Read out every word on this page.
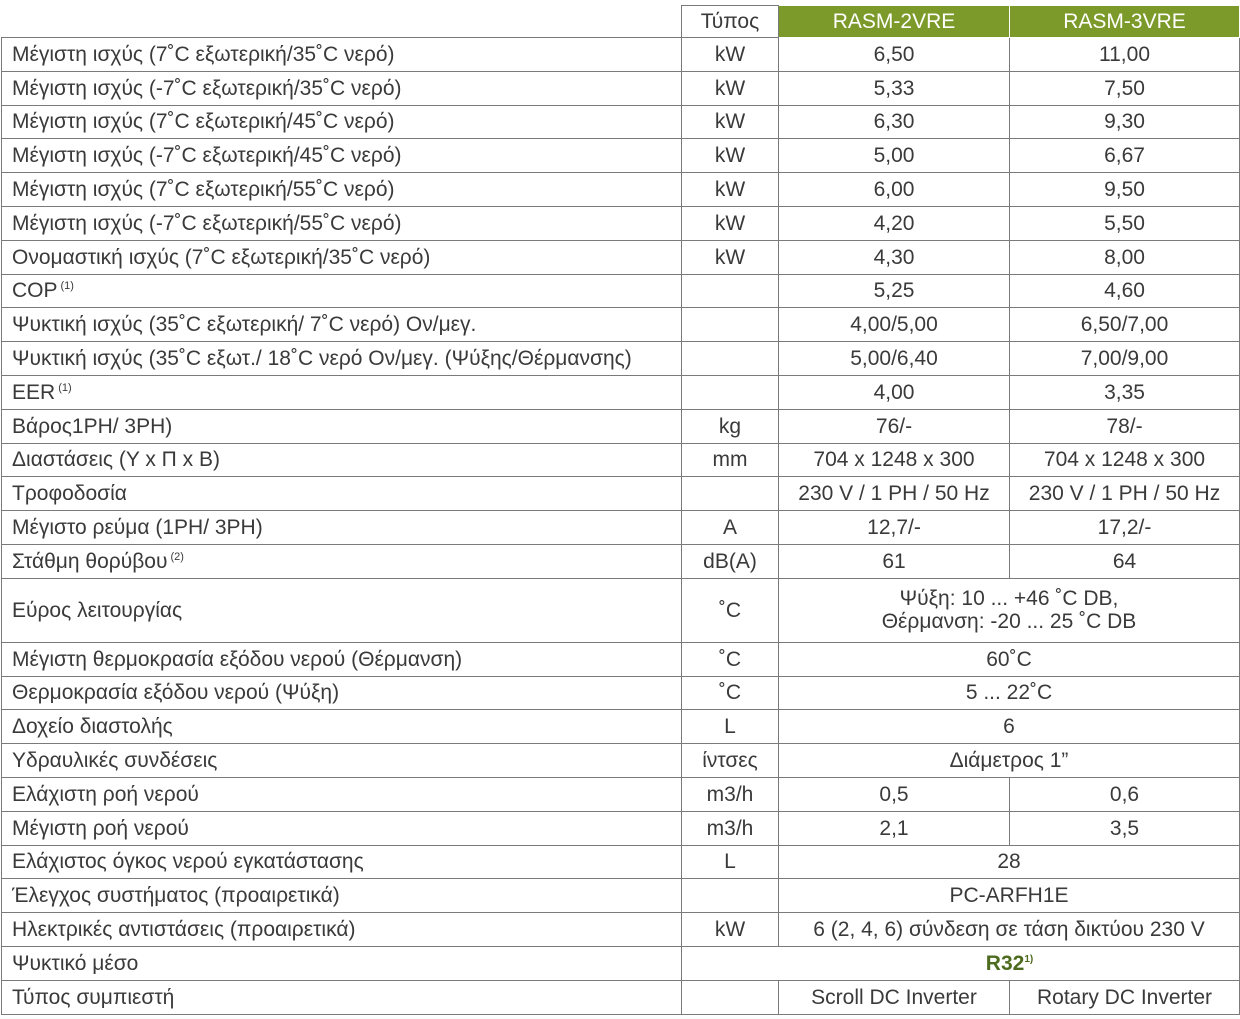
	Τύπος	RASM-2VRE	RASM-3VRE
Μέγιστη ισχύς (7˚C εξωτερική/35˚C νερό)	kW	6,50	11,00
Μέγιστη ισχύς (-7˚C εξωτερική/35˚C νερό)	kW	5,33	7,50
Μέγιστη ισχύς (7˚C εξωτερική/45˚C νερό)	kW	6,30	9,30
Μέγιστη ισχύς (-7˚C εξωτερική/45˚C νερό)	kW	5,00	6,67
Μέγιστη ισχύς (7˚C εξωτερική/55˚C νερό)	kW	6,00	9,50
Μέγιστη ισχύς (-7˚C εξωτερική/55˚C νερό)	kW	4,20	5,50
Ονομαστική ισχύς (7˚C εξωτερική/35˚C νερό)	kW	4,30	8,00
COP $^{(1)}$		5,25	4,60
Ψυκτική ισχύς (35˚C εξωτερική/ 7˚C νερό) Ον/μεγ.		4,00/5,00	6,50/7,00
Ψυκτική ισχύς (35˚C εξωτ./ 18˚C νερό Ον/μεγ. (Ψύξης/Θέρμανσης)		5,00/6,40	7,00/9,00
EER $^{(1)}$		4,00	3,35
Βάρος1PH/ 3PH)	kg	76/-	78/-
Διαστάσεις (Υ x Π x Β)	mm	704 x 1248 x 300	704 x 1248 x 300
Τροφοδοσία		230 V / 1 PH / 50 Hz	230 V / 1 PH / 50 Hz
Μέγιστο ρεύμα (1PH/ 3PH)	A	12,7/-	17,2/-
Στάθμη θορύβου $^{(2)}$	dB(A)	61	64
Εύρος λειτουργίας	˚C	Ψύξη: 10 ... +46 ˚C DB,
Θέρμανση: -20 ... 25 ˚C DB	

Μέγιστη θερμοκρασία εξόδου νερού (Θέρμανση)	˚C	60˚C	
Θερμοκρασία εξόδου νερού (Ψύξη)	˚C	5 ... 22˚C	
Δοχείο διαστολής	L	6	
Υδραυλικές συνδέσεις	ίντσες	Διάμετρος 1”	
Ελάχιστη ροή νερού	m3/h	0,5	0,6
Μέγιστη ροή νερού	m3/h	2,1	3,5
Ελάχιστος όγκος νερού εγκατάστασης	L	28	
Έλεγχος συστήματος (προαιρετικά)		PC-ARFH1E	
Ηλεκτρικές αντιστάσεις (προαιρετικά)	kW	6 (2, 4, 6) σύνδεση σε τάση δικτύου 230 V	
Ψυκτικό μέσο	R32$^{1)}$
Τύπος συμπιεστή		Scroll DC Inverter	Rotary DC Inverter
